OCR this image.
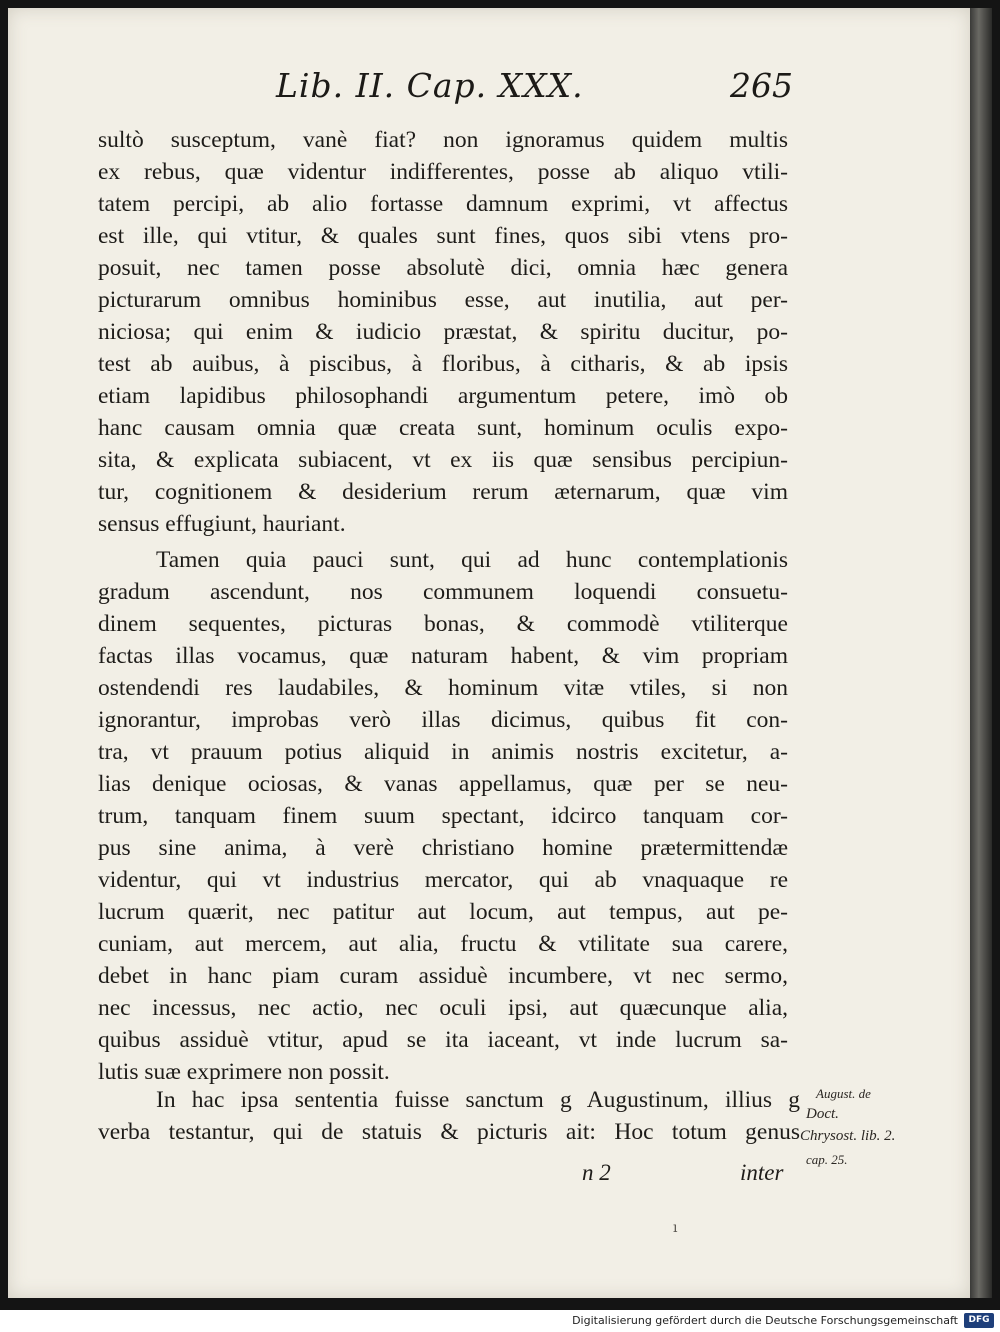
Lib. II. Cap. XXX.	265
sultò susceptum, vanè fiat? non ignoramus quidem multis
ex rebus, quæ videntur indifferentes, posse ab aliquo vtili-
tatem percipi, ab alio fortasse damnum exprimi, vt affectus
est ille, qui vtitur, & quales sunt fines, quos sibi vtens pro-
posuit, nec tamen posse absolutè dici, omnia hæc genera
picturarum omnibus hominibus esse, aut inutilia, aut per-
niciosa; qui enim & iudicio præstat, & spiritu ducitur, po-
test ab auibus, à piscibus, à floribus, à citharis, & ab ipsis
etiam lapidibus philosophandi argumentum petere, imò ob
hanc causam omnia quæ creata sunt, hominum oculis expo-
sita, & explicata subiacent, vt ex iis quæ sensibus percipiun-
tur, cognitionem & desiderium rerum æternarum, quæ vim
sensus effugiunt, hauriant.
Tamen quia pauci sunt, qui ad hunc contemplationis
gradum ascendunt, nos communem loquendi consuetu-
dinem sequentes, picturas bonas, & commodè vtiliterque
factas illas vocamus, quæ naturam habent, & vim propriam
ostendendi res laudabiles, & hominum vitæ vtiles, si non
ignorantur, improbas verò illas dicimus, quibus fit con-
tra, vt prauum potius aliquid in animis nostris excitetur, a-
lias denique ociosas, & vanas appellamus, quæ per se neu-
trum, tanquam finem suum spectant, idcirco tanquam cor-
pus sine anima, à verè christiano homine prætermittendæ
videntur, qui vt industrius mercator, qui ab vnaquaque re
lucrum quærit, nec patitur aut locum, aut tempus, aut pe-
cuniam, aut mercem, aut alia, fructu & vtilitate sua carere,
debet in hanc piam curam assiduè incumbere, vt nec sermo,
nec incessus, nec actio, nec oculi ipsi, aut quæcunque alia,
quibus assiduè vtitur, apud se ita iaceant, vt inde lucrum sa-
lutis suæ exprimere non possit.
In hac ipsa sententia fuisse sanctum g Augustinum, illius g
verba testantur, qui de statuis & picturis ait: Hoc totum genus
August. de
Doct.
Chrysost. lib. 2.
cap. 25.
n 2	inter
ı
Digitalisierung gefördert durch die Deutsche Forschungsgemeinschaft	DFG
